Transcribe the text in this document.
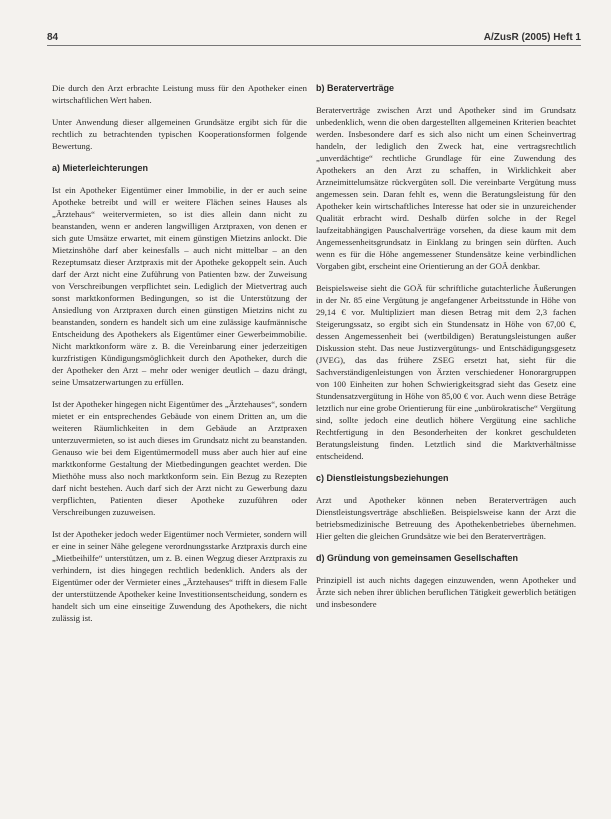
84	A/ZusR (2005) Heft 1

Die durch den Arzt erbrachte Leistung muss für den Apotheker einen wirtschaftlichen Wert haben.

Unter Anwendung dieser allgemeinen Grundsätze ergibt sich für die rechtlich zu betrachtenden typischen Kooperationsformen folgende Bewertung.

a) Mieterleichterungen

Ist ein Apotheker Eigentümer einer Immobilie, in der er auch seine Apotheke betreibt und will er weitere Flächen seines Hauses als „Ärztehaus“ weitervermieten, so ist dies allein dann nicht zu beanstanden, wenn er anderen langwilligen Arztpraxen, von denen er sich gute Umsätze erwartet, mit einem günstigen Mietzins anlockt. Die Mietzinshöhe darf aber keinesfalls – auch nicht mittelbar – an den Rezeptumsatz dieser Arztpraxis mit der Apotheke gekoppelt sein. Auch darf der Arzt nicht eine Zuführung von Patienten bzw. der Zuweisung von Verschreibungen verpflichtet sein. Lediglich der Mietvertrag auch sonst marktkonformen Bedingungen, so ist die Unterstützung der Ansiedlung von Arztpraxen durch einen günstigen Mietzins nicht zu beanstanden, sondern es handelt sich um eine zulässige kaufmännische Entscheidung des Apothekers als Eigentümer einer Gewerbeimmobilie. Nicht marktkonform wäre z. B. die Vereinbarung einer jederzeitigen kurzfristigen Kündigungsmöglichkeit durch den Apotheker, durch die der Apotheker den Arzt – mehr oder weniger deutlich – dazu drängt, seine Umsatzerwartungen zu erfüllen.

Ist der Apotheker hingegen nicht Eigentümer des „Ärztehauses“, sondern mietet er ein entsprechendes Gebäude von einem Dritten an, um die weiteren Räumlichkeiten in dem Gebäude an Arztpraxen unterzuvermieten, so ist auch dieses im Grundsatz nicht zu beanstanden. Genauso wie bei dem Eigentümermodell muss aber auch hier auf eine marktkonforme Gestaltung der Mietbedingungen geachtet werden. Die Miethöhe muss also noch marktkonform sein. Ein Bezug zu Rezepten darf nicht bestehen. Auch darf sich der Arzt nicht zu Gewerbung dazu verpflichten, Patienten dieser Apotheke zuzuführen oder Verschreibungen zuzuweisen.

Ist der Apotheker jedoch weder Eigentümer noch Vermieter, sondern will er eine in seiner Nähe gelegene verordnungsstarke Arztpraxis durch eine „Mietbeihilfe“ unterstützen, um z. B. einen Wegzug dieser Arztpraxis zu verhindern, ist dies hingegen rechtlich bedenklich. Anders als der Eigentümer oder der Vermieter eines „Ärztehauses“ trifft in diesem Falle der unterstützende Apotheker keine Investitionsentscheidung, sondern es handelt sich um eine einseitige Zuwendung des Apothekers, die nicht zulässig ist.

b) Beraterverträge

Beraterverträge zwischen Arzt und Apotheker sind im Grundsatz unbedenklich, wenn die oben dargestellten allgemeinen Kriterien beachtet werden. Insbesondere darf es sich also nicht um einen Scheinvertrag handeln, der lediglich den Zweck hat, eine vertragsrechtlich „unverdächtige“ rechtliche Grundlage für eine Zuwendung des Apothekers an den Arzt zu schaffen, in Wirklichkeit aber Arzneimittelumsätze rückvergüten soll. Die vereinbarte Vergütung muss angemessen sein. Daran fehlt es, wenn die Beratungsleistung für den Apotheker kein wirtschaftliches Interesse hat oder sie in unzureichender Qualität erbracht wird. Deshalb dürfen solche in der Regel laufzeitabhängigen Pauschalverträge vorsehen, da diese kaum mit dem Angemessenheitsgrundsatz in Einklang zu bringen sein dürften. Auch wenn es für die Höhe angemessener Stundensätze keine verbindlichen Vorgaben gibt, erscheint eine Orientierung an der GOÄ denkbar.

Beispielsweise sieht die GOÄ für schriftliche gutachterliche Äußerungen in der Nr. 85 eine Vergütung je angefangener Arbeitsstunde in Höhe von 29,14 € vor. Multipliziert man diesen Betrag mit dem 2,3 fachen Steigerungssatz, so ergibt sich ein Stundensatz in Höhe von 67,00 €, dessen Angemessenheit bei (wertbildigen) Beratungsleistungen außer Diskussion steht. Das neue Justizvergütungs- und Entschädigungsgesetz (JVEG), das das frühere ZSEG ersetzt hat, sieht für die Sachverständigenleistungen von Ärzten verschiedener Honorargruppen von 100 Einheiten zur hohen Schwierigkeitsgrad sieht das Gesetz eine Stundensatzvergütung in Höhe von 85,00 € vor. Auch wenn diese Beträge letztlich nur eine grobe Orientierung für eine „unbürokratische“ Vergütung sind, sollte jedoch eine deutlich höhere Vergütung eine sachliche Rechtfertigung in den Besonderheiten der konkret geschuldeten Beratungsleistung finden. Letztlich sind die Marktverhältnisse entscheidend.

c) Dienstleistungsbeziehungen

Arzt und Apotheker können neben Beraterverträgen auch Dienstleistungsverträge abschließen. Beispielsweise kann der Arzt die betriebsmedizinische Betreuung des Apothekenbetriebes übernehmen. Hier gelten die gleichen Grundsätze wie bei den Beraterverträgen.

d) Gründung von gemeinsamen Gesellschaften

Prinzipiell ist auch nichts dagegen einzuwenden, wenn Apotheker und Ärzte sich neben ihrer üblichen beruflichen Tätigkeit gewerblich betätigen und insbesondere
